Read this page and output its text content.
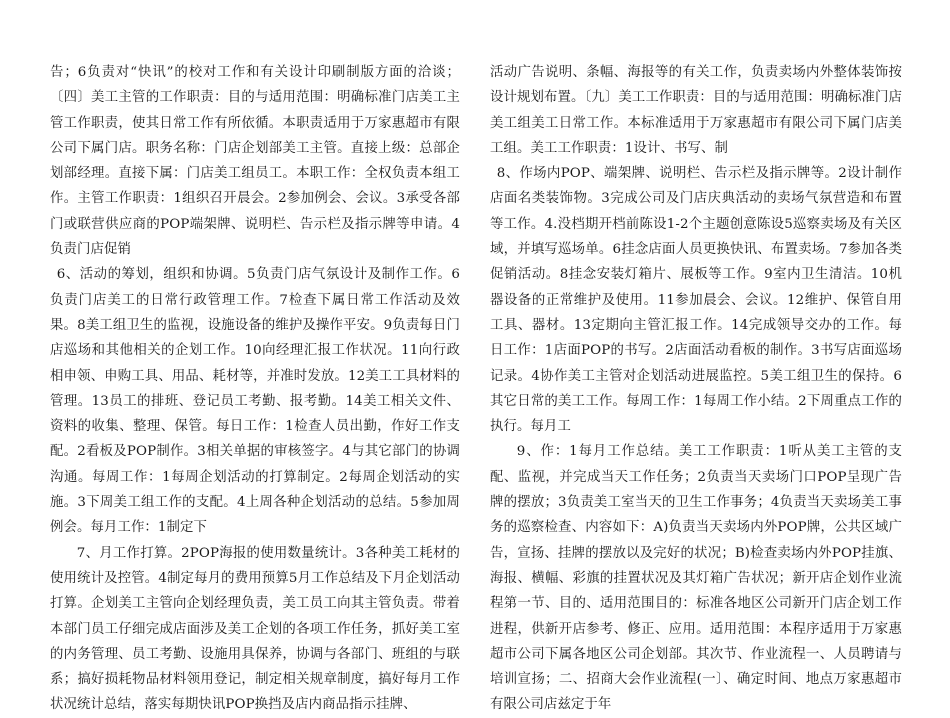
告；6负责对“快讯”的校对工作和有关设计印刷制版方面的洽谈；〔四〕美工主管的工作职责：目的与适用范围：明确标准门店美工主管工作职责，使其日常工作有所依循。本职责适用于万家惠超市有限公司下属门店。职务名称：门店企划部美工主管。直接上级：总部企划部经理。直接下属：门店美工组员工。本职工作：全权负责本组工作。主管工作职责：1组织召开晨会。2参加例会、会议。3承受各部门或联营供应商的POP端架牌、说明栏、告示栏及指示牌等申请。4负责门店促销

6、活动的筹划，组织和协调。5负责门店气氛设计及制作工作。6负责门店美工的日常行政管理工作。7检查下属日常工作活动及效果。8美工组卫生的监视，设施设备的维护及操作平安。9负责每日门店巡场和其他相关的企划工作。10向经理汇报工作状况。11向行政相申领、申购工具、用品、耗材等，并准时发放。12美工工具材料的管理。13员工的排班、登记员工考勤、报考勤。14美工相关文件、资料的收集、整理、保管。每日工作：1检查人员出勤，作好工作支配。2看板及POP制作。3相关单据的审核签字。4与其它部门的协调沟通。每周工作：1每周企划活动的打算制定。2每周企划活动的实施。3下周美工组工作的支配。4上周各种企划活动的总结。5参加周例会。每月工作：1制定下

7、月工作打算。2POP海报的使用数量统计。3各种美工耗材的使用统计及控管。4制定每月的费用预算5月工作总结及下月企划活动打算。企划美工主管向企划经理负责，美工员工向其主管负责。带着本部门员工仔细完成店面涉及美工企划的各项工作任务，抓好美工室的内务管理、员工考勤、设施用具保养，协调与各部门、班组的与联系；搞好损耗物品材料领用登记，制定相关规章制度，搞好每月工作状况统计总结，落实每期快讯POP换挡及店内商品指示挂牌、

活动广告说明、条幅、海报等的有关工作，负责卖场内外整体装饰按设计规划布置。〔九〕美工工作职责：目的与适用范围：明确标准门店美工组美工日常工作。本标准适用于万家惠超市有限公司下属门店美工组。美工工作职责：1设计、书写、制

8、作场内POP、端架牌、说明栏、告示栏及指示牌等。2设计制作店面名类装饰物。3完成公司及门店庆典活动的卖场气氛营造和布置等工作。4.没档期开档前陈设1-2个主题创意陈设5巡察卖场及有关区域，并填写巡场单。6挂念店面人员更换快讯、布置卖场。7参加各类促销活动。8挂念安装灯箱片、展板等工作。9室内卫生清洁。10机器设备的正常维护及使用。11参加晨会、会议。12维护、保管自用工具、器材。13定期向主管汇报工作。14完成领导交办的工作。每日工作：1店面POP的书写。2店面活动看板的制作。3书写店面巡场记录。4协作美工主管对企划活动进展监控。5美工组卫生的保持。6其它日常的美工工作。每周工作：1每周工作小结。2下周重点工作的执行。每月工

9、作：1每月工作总结。美工工作职责：1听从美工主管的支配、监视，并完成当天工作任务；2负责当天卖场门口POP呈现广告牌的摆放；3负责美工室当天的卫生工作事务；4负责当天卖场美工事务的巡察检查、内容如下：A)负责当天卖场内外POP牌，公共区域广告，宣扬、挂牌的摆放以及完好的状况；B)检查卖场内外POP挂旗、海报、横幅、彩旗的挂置状况及其灯箱广告状况；新开店企划作业流程第一节、目的、适用范围目的：标准各地区公司新开门店企划工作进程，供新开店参考、修正、应用。适用范围：本程序适用于万家惠超市公司下属各地区公司企划部。其次节、作业流程一、人员聘请与培训宣扬；二、招商大会作业流程(一〕、确定时间、地点万家惠超市有限公司店兹定于年
